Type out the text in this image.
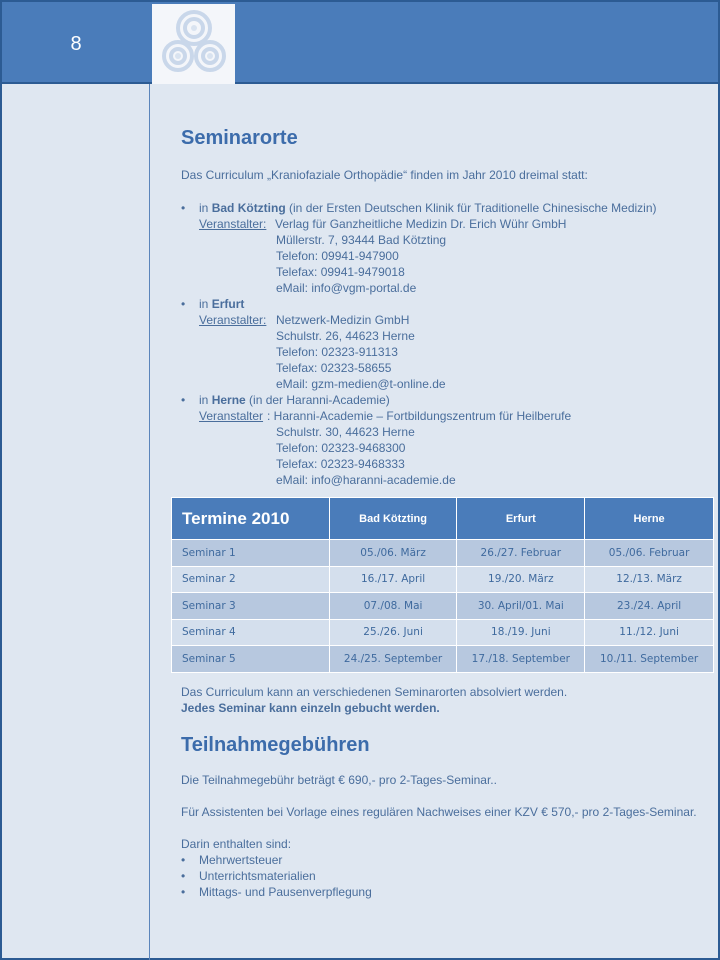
8
Seminarorte
Das Curriculum „Kraniofaziale Orthopädie“ finden im Jahr 2010 dreimal statt:
• in Bad Kötzting (in der Ersten Deutschen Klinik für Traditionelle Chinesische Medizin)
Veranstalter: Verlag für Ganzheitliche Medizin Dr. Erich Wühr GmbH
Müllerstr. 7, 93444 Bad Kötzting
Telefon: 09941-947900
Telefax: 09941-9479018
eMail: info@vgm-portal.de
• in Erfurt
Veranstalter: Netzwerk-Medizin GmbH
Schulstr. 26, 44623 Herne
Telefon: 02323-911313
Telefax: 02323-58655
eMail: gzm-medien@t-online.de
• in Herne (in der Haranni-Academie)
Veranstalter : Haranni-Academie – Fortbildungszentrum für Heilberufe
Schulstr. 30, 44623 Herne
Telefon: 02323-9468300
Telefax: 02323-9468333
eMail: info@haranni-academie.de
Termine 2010	Bad Kötzting	Erfurt	Herne
Seminar 1	05./06. März	26./27. Februar	05./06. Februar
Seminar 2	16./17. April	19./20. März	12./13. März
Seminar 3	07./08. Mai	30. April/01. Mai	23./24. April
Seminar 4	25./26. Juni	18./19. Juni	11./12. Juni
Seminar 5	24./25. September	17./18. September	10./11. September
Das Curriculum kann an verschiedenen Seminarorten absolviert werden.
Jedes Seminar kann einzeln gebucht werden.
Teilnahmegebühren

Die Teilnahmegebühr beträgt € 690,- pro 2-Tages-Seminar..

Für Assistenten bei Vorlage eines regulären Nachweises einer KZV € 570,- pro 2-Tages-Seminar.

Darin enthalten sind:

• Mehrwertsteuer
• Unterrichtsmaterialien
• Mittags- und Pausenverpflegung
